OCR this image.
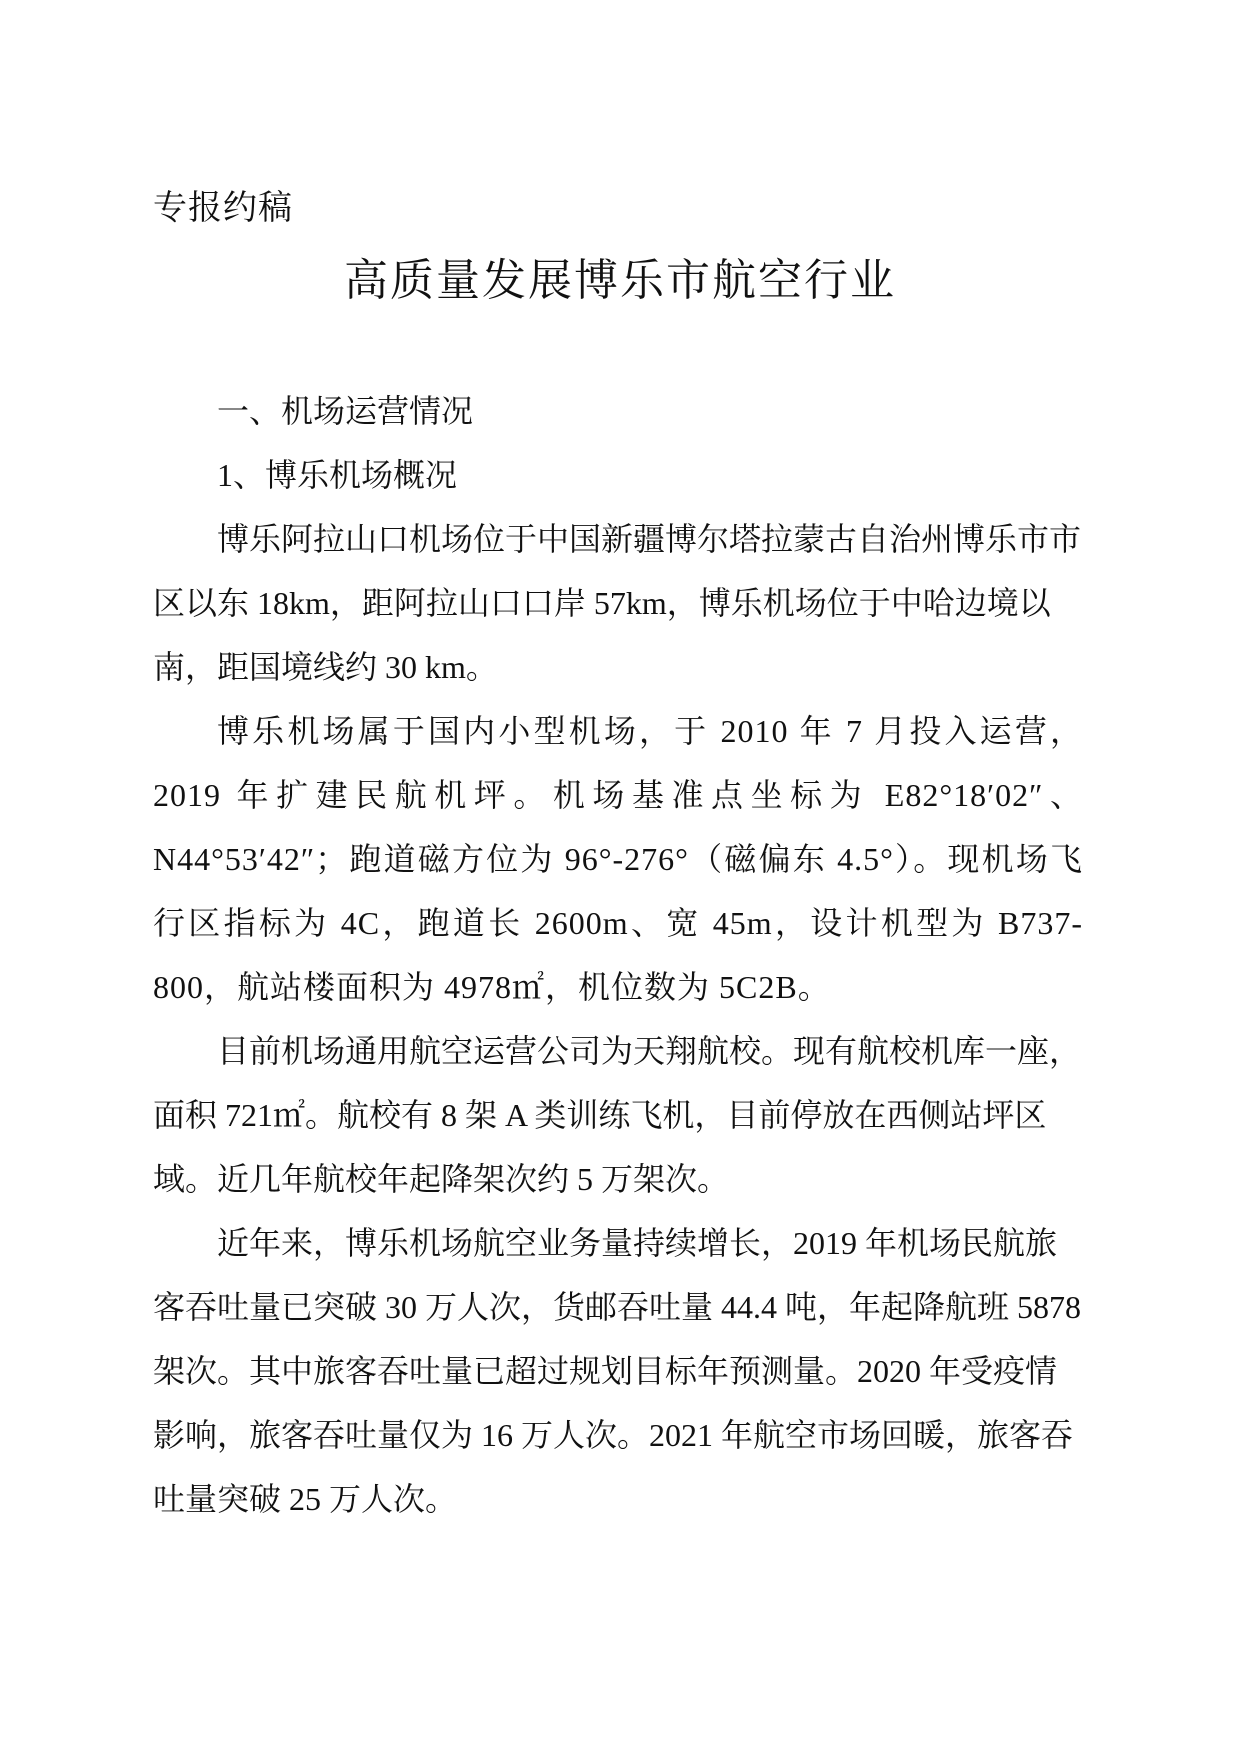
专报约稿
高质量发展博乐市航空行业

一、机场运营情况

1、博乐机场概况

博乐阿拉山口机场位于中国新疆博尔塔拉蒙古自治州博乐市市区以东 18km，距阿拉山口口岸 57km，博乐机场位于中哈边境以南，距国境线约 30 km。

博乐机场属于国内小型机场，于 2010 年 7 月投入运营，2019 年扩建民航机坪。机场基准点坐标为 E82°18′02″、N44°53′42″；跑道磁方位为 96°-276°（磁偏东 4.5°）。现机场飞行区指标为 4C，跑道长 2600m、宽 45m，设计机型为 B737-800，航站楼面积为 4978㎡，机位数为 5C2B。

目前机场通用航空运营公司为天翔航校。现有航校机库一座，面积 721㎡。航校有 8 架 A 类训练飞机，目前停放在西侧站坪区域。近几年航校年起降架次约 5 万架次。

近年来，博乐机场航空业务量持续增长，2019 年机场民航旅客吞吐量已突破 30 万人次，货邮吞吐量 44.4 吨，年起降航班 5878 架次。其中旅客吞吐量已超过规划目标年预测量。2020 年受疫情影响，旅客吞吐量仅为 16 万人次。2021 年航空市场回暖，旅客吞吐量突破 25 万人次。
